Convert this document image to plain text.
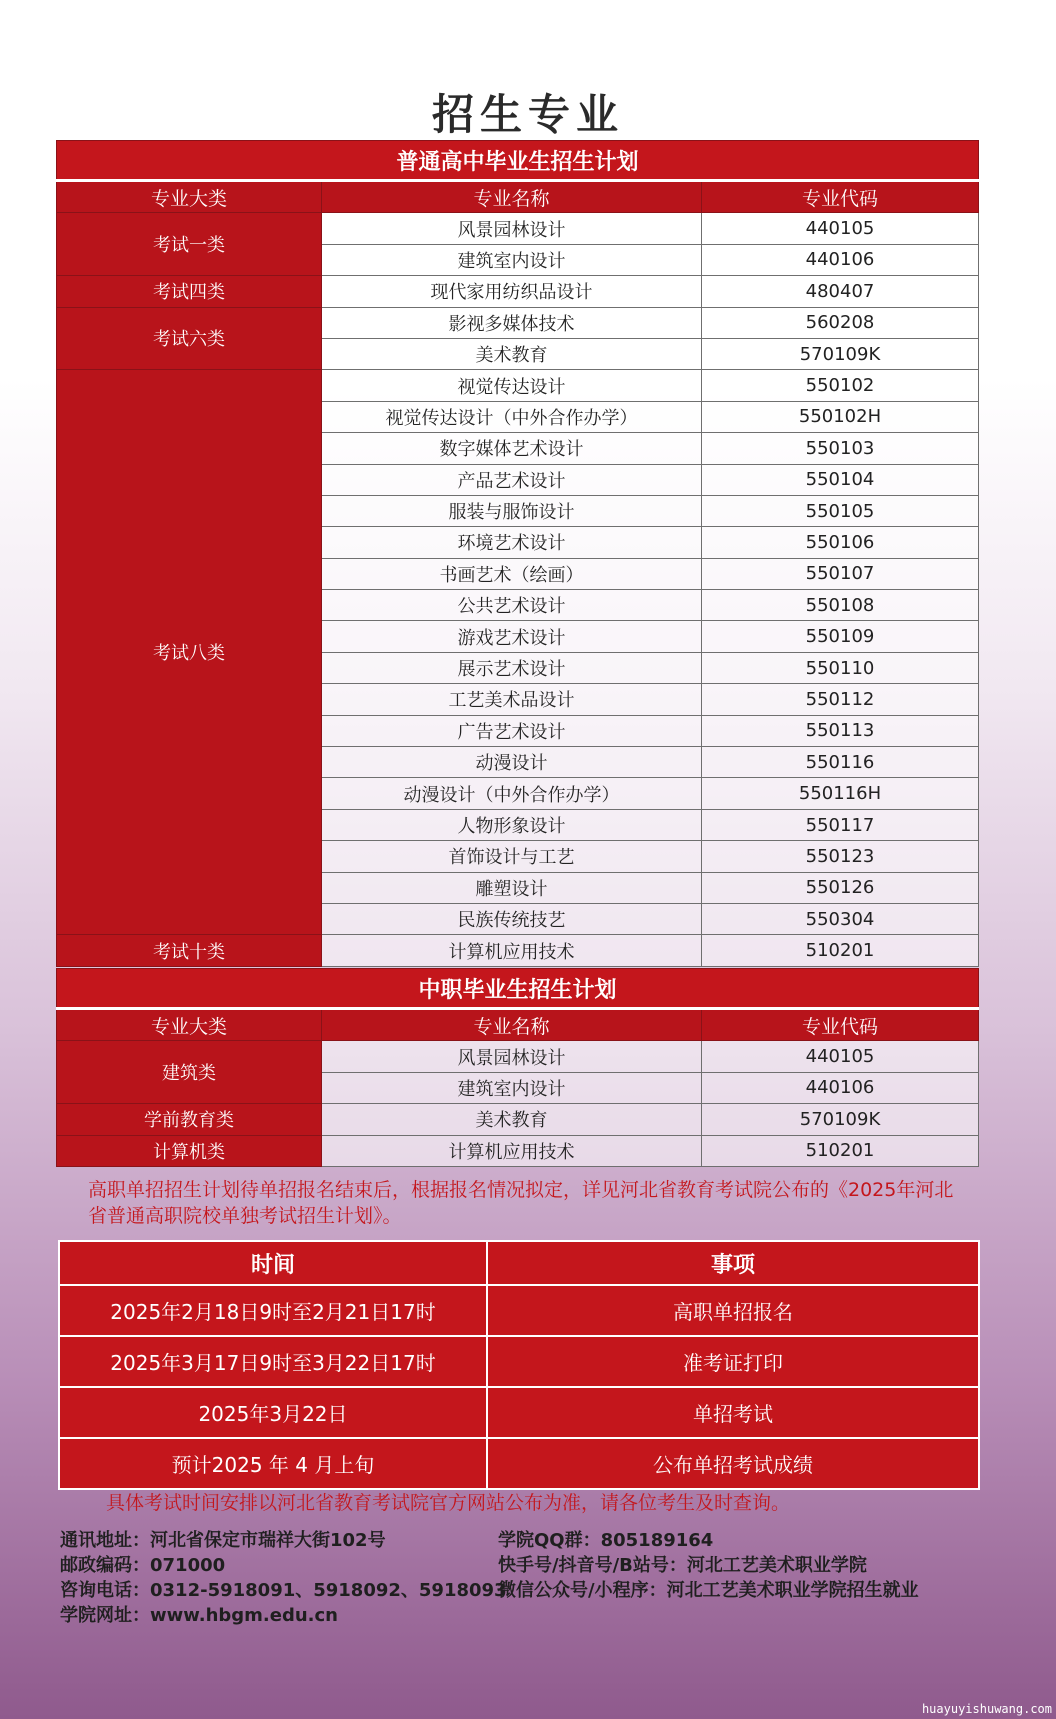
招生专业
普通高中毕业生招生计划		
专业大类	专业名称	专业代码
考试一类	风景园林设计	440105
	建筑室内设计	440106
考试四类	现代家用纺织品设计	480407
考试六类	影视多媒体技术	560208
	美术教育	570109K
考试八类	视觉传达设计	550102
	视觉传达设计（中外合作办学）	550102H
	数字媒体艺术设计	550103
	产品艺术设计	550104
	服装与服饰设计	550105
	环境艺术设计	550106
	书画艺术（绘画）	550107
	公共艺术设计	550108
	游戏艺术设计	550109
	展示艺术设计	550110
	工艺美术品设计	550112
	广告艺术设计	550113
	动漫设计	550116
	动漫设计（中外合作办学）	550116H
	人物形象设计	550117
	首饰设计与工艺	550123
	雕塑设计	550126
	民族传统技艺	550304
考试十类	计算机应用技术	510201
中职毕业生招生计划		
专业大类	专业名称	专业代码
建筑类	风景园林设计	440105
	建筑室内设计	440106
学前教育类	美术教育	570109K
计算机类	计算机应用技术	510201
高职单招招生计划待单招报名结束后，根据报名情况拟定，详见河北省教育考试院公布的《2025年河北省普通高职院校单独考试招生计划》。
时间	事项
2025年2月18日9时至2月21日17时	高职单招报名
2025年3月17日9时至3月22日17时	准考证打印
2025年3月22日	单招考试
预计2025 年 4 月上旬	公布单招考试成绩
具体考试时间安排以河北省教育考试院官方网站公布为准，请各位考生及时查询。
通讯地址：河北省保定市瑞祥大街102号
邮政编码：071000
咨询电话：0312-5918091、5918092、5918093
学院网址：www.hbgm.edu.cn
学院QQ群：805189164
快手号/抖音号/B站号：河北工艺美术职业学院
微信公众号/小程序：河北工艺美术职业学院招生就业
huayuyishuwang.com
